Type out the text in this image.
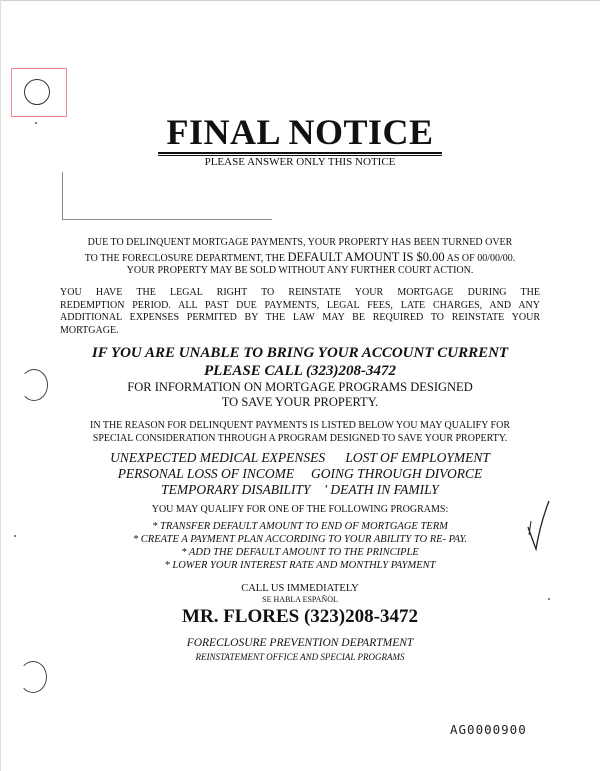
FINAL NOTICE
PLEASE ANSWER ONLY THIS NOTICE
DUE TO DELINQUENT MORTGAGE PAYMENTS, YOUR PROPERTY HAS BEEN TURNED OVER
TO THE FORECLOSURE DEPARTMENT, THE DEFAULT AMOUNT IS $0.00 AS OF 00/00/00.
YOUR PROPERTY MAY BE SOLD WITHOUT ANY FURTHER COURT ACTION.
YOU HAVE THE LEGAL RIGHT TO REINSTATE YOUR MORTGAGE DURING THE
REDEMPTION PERIOD. ALL PAST DUE PAYMENTS, LEGAL FEES, LATE CHARGES, AND ANY
ADDITIONAL EXPENSES PERMITED BY THE LAW MAY BE REQUIRED TO REINSTATE YOUR
MORTGAGE.
IF YOU ARE UNABLE TO BRING YOUR ACCOUNT CURRENT
PLEASE CALL (323)208-3472
FOR INFORMATION ON MORTGAGE PROGRAMS DESIGNED
TO SAVE YOUR PROPERTY.
IN THE REASON FOR DELINQUENT PAYMENTS IS LISTED BELOW YOU MAY QUALIFY FOR
SPECIAL CONSIDERATION THROUGH A PROGRAM DESIGNED TO SAVE YOUR PROPERTY.
UNEXPECTED MEDICAL EXPENSES LOST OF EMPLOYMENT
PERSONAL LOSS OF INCOME GOING THROUGH DIVORCE
TEMPORARY DISABILITY ' DEATH IN FAMILY
YOU MAY QUALIFY FOR ONE OF THE FOLLOWING PROGRAMS:
* TRANSFER DEFAULT AMOUNT TO END OF MORTGAGE TERM
* CREATE A PAYMENT PLAN ACCORDING TO YOUR ABILITY TO RE- PAY.
* ADD THE DEFAULT AMOUNT TO THE PRINCIPLE
* LOWER YOUR INTEREST RATE AND MONTHLY PAYMENT
CALL US IMMEDIATELY
SE HABLA ESPAÑOL
MR. FLORES (323)208-3472
FORECLOSURE PREVENTION DEPARTMENT
REINSTATEMENT OFFICE AND SPECIAL PROGRAMS
AG0000900
